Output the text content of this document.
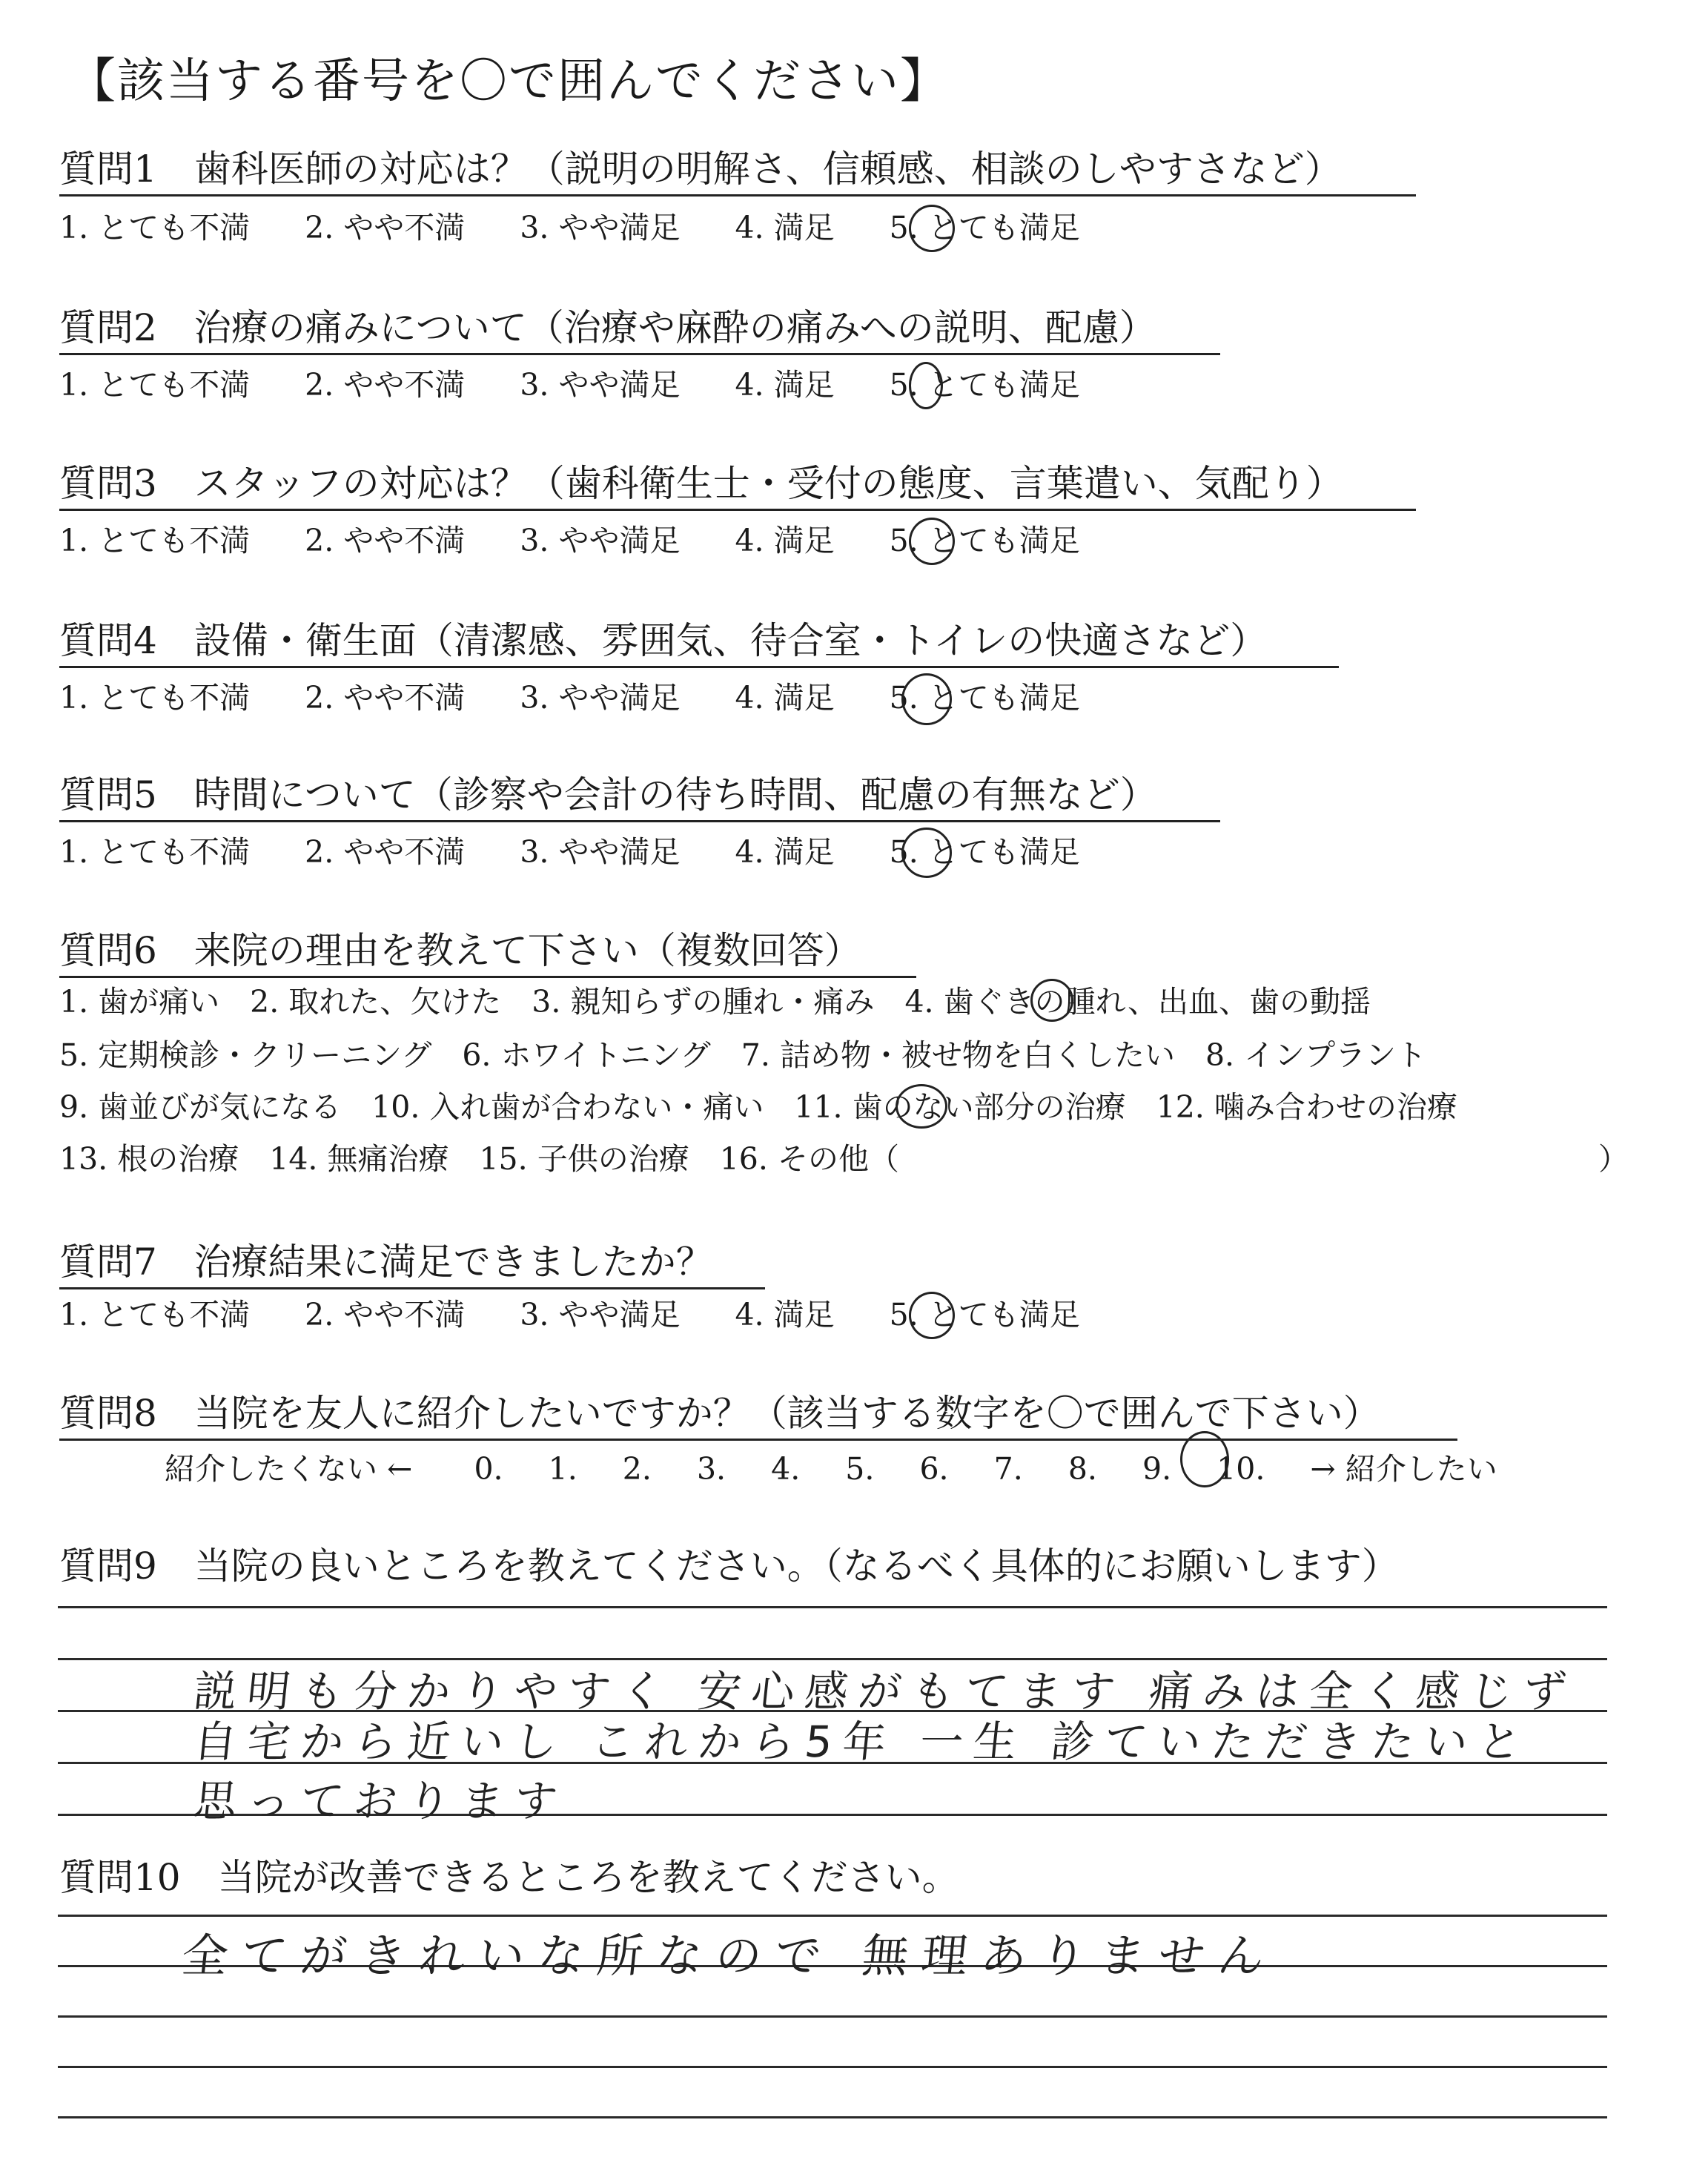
【該当する番号を〇で囲んでください】
質問1　歯科医師の対応は？（説明の明解さ、信頼感、相談のしやすさなど）
1. とても不満 2. やや不満 3. やや満足 4. 満足 5. とても満足
質問2　治療の痛みについて（治療や麻酔の痛みへの説明、配慮）
1. とても不満 2. やや不満 3. やや満足 4. 満足 5. とても満足
質問3　スタッフの対応は？（歯科衛生士・受付の態度、言葉遣い、気配り）
1. とても不満 2. やや不満 3. やや満足 4. 満足 5. とても満足
質問4　設備・衛生面（清潔感、雰囲気、待合室・トイレの快適さなど）
1. とても不満 2. やや不満 3. やや満足 4. 満足 5. とても満足
質問5　時間について（診察や会計の待ち時間、配慮の有無など）
1. とても不満 2. やや不満 3. やや満足 4. 満足 5. とても満足
質問6　来院の理由を教えて下さい（複数回答）
1. 歯が痛い　2. 取れた、欠けた　3. 親知らずの腫れ・痛み　4. 歯ぐきの腫れ、出血、歯の動揺
5. 定期検診・クリーニング　6. ホワイトニング　7. 詰め物・被せ物を白くしたい　8. インプラント
9. 歯並びが気になる　10. 入れ歯が合わない・痛い　11. 歯のない部分の治療　12. 噛み合わせの治療
13. 根の治療　14. 無痛治療　15. 子供の治療　16. その他（　　　　　　　　　　　　　　　　　　　　　　　）
質問7　治療結果に満足できましたか？
1. とても不満 2. やや不満 3. やや満足 4. 満足 5. とても満足
質問8　当院を友人に紹介したいですか？（該当する数字を〇で囲んで下さい）
紹介したくない ← 0. 1. 2. 3. 4. 5. 6. 7. 8. 9. 10. → 紹介したい
質問9　当院の良いところを教えてください。（なるべく具体的にお願いします）
説明も分かりやすく 安心感がもてます 痛みは全く感じず
自宅から近いし これから5年 一生 診ていただきたいと
思っております
質問10　当院が改善できるところを教えてください。
全てがきれいな所なので 無理ありません
